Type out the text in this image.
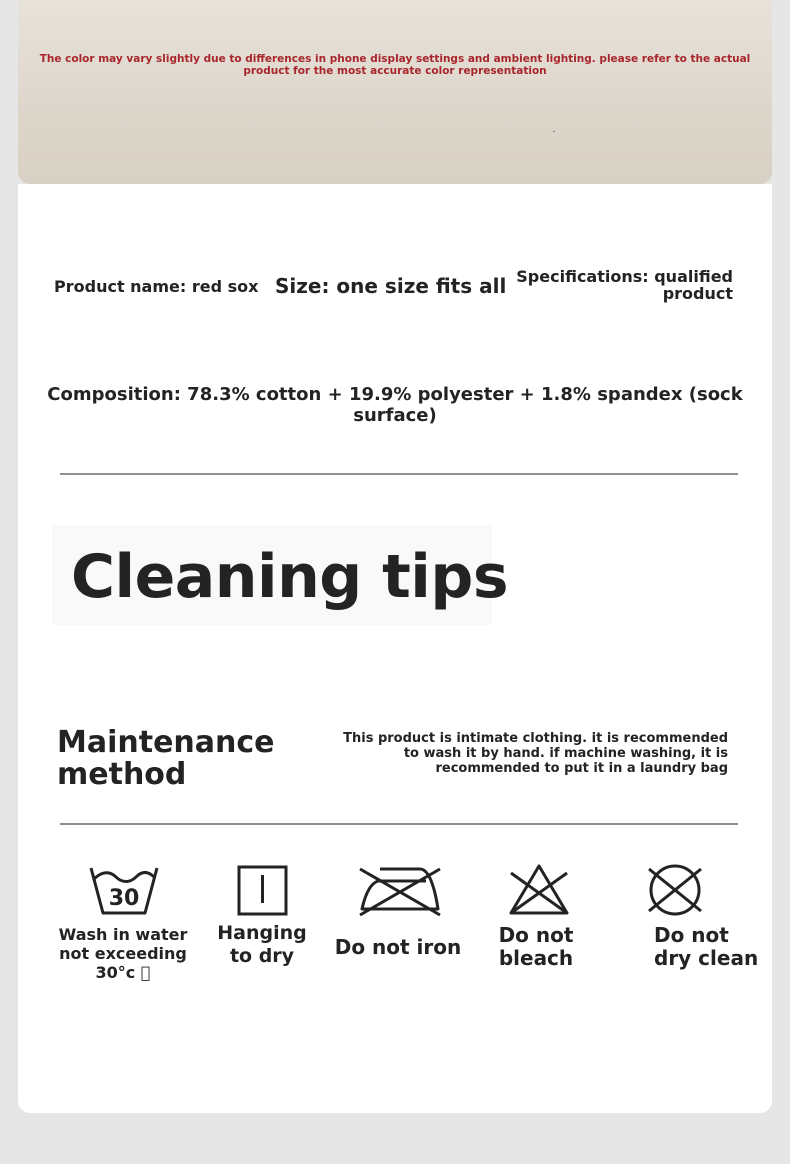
The color may vary slightly due to differences in phone display settings and ambient lighting. please refer to the actual product for the most accurate color representation
Product name: red sox Size: one size fits all Specifications: qualified product
Composition: 78.3% cotton + 19.9% polyester + 1.8% spandex (sock surface)
Cleaning tips
Maintenance method
This product is intimate clothing. it is recommended to wash it by hand. if machine washing, it is recommended to put it in a laundry bag
30
Wash in water not exceeding 30°c  
Hanging to dry	Do not iron	Do not bleach
Do not dry clean
